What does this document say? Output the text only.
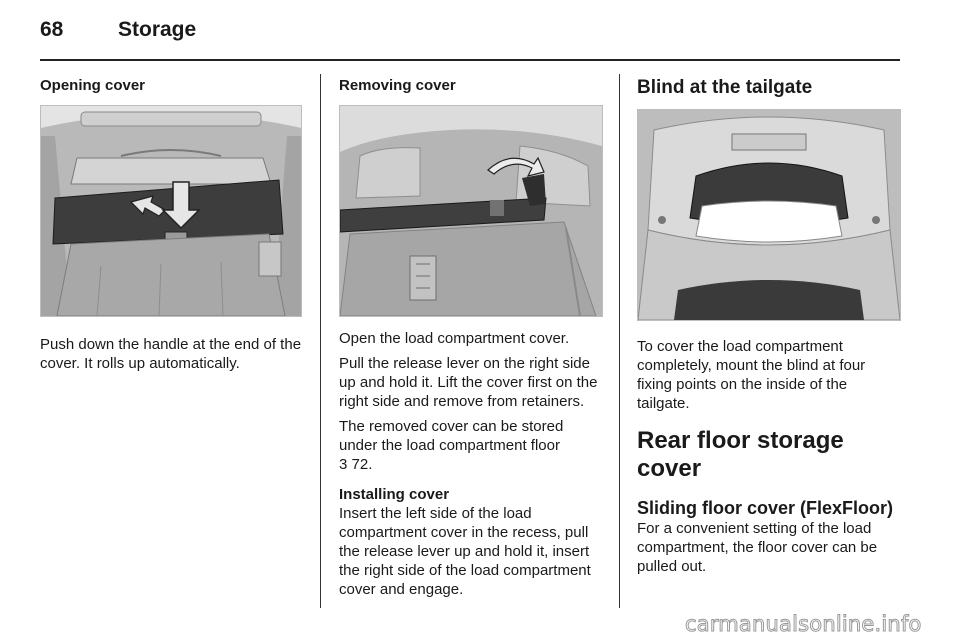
68	Storage
Opening cover

Push down the handle at the end of the cover. It rolls up automatically.

Removing cover

Open the load compartment cover.

Pull the release lever on the right side up and hold it. Lift the cover first on the right side and remove from retainers.

The removed cover can be stored under the load compartment floor
3 72.

Installing cover

Insert the left side of the load compartment cover in the recess, pull the release lever up and hold it, insert the right side of the load compartment cover and engage.

Blind at the tailgate

To cover the load compartment completely, mount the blind at four fixing points on the inside of the tailgate.

Rear floor storage cover
Sliding floor cover (FlexFloor)

For a convenient setting of the load compartment, the floor cover can be pulled out.

carmanualsonline.info
